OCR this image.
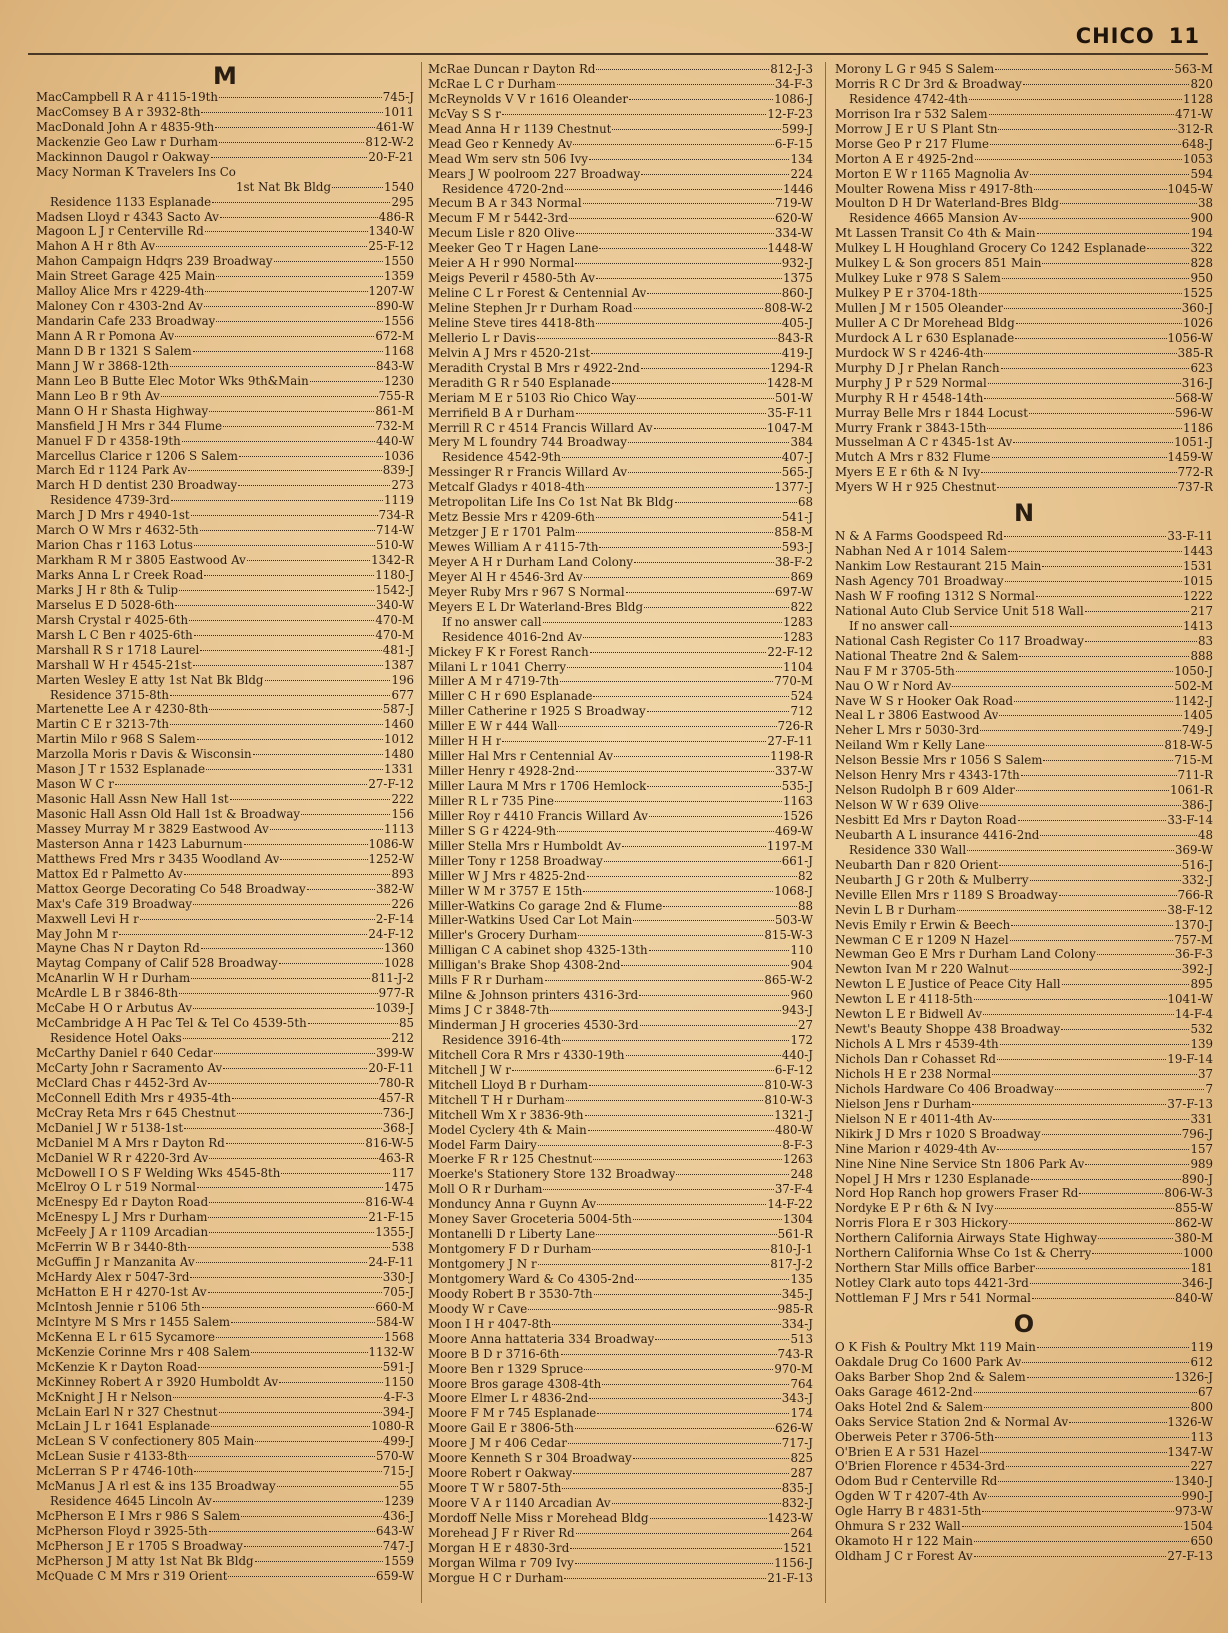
CHICO 11
M
MacCampbell R A r 4115-19th	745-J
MacComsey B A r 3932-8th	1011
MacDonald John A r 4835-9th	461-W
Mackenzie Geo Law r Durham	812-W-2
Mackinnon Daugol r Oakway	20-F-21
Macy Norman K Travelers Ins Co
1st Nat Bk Bldg	1540
Residence 1133 Esplanade	295
Madsen Lloyd r 4343 Sacto Av	486-R
Magoon L J r Centerville Rd	1340-W
Mahon A H r 8th Av	25-F-12
Mahon Campaign Hdqrs 239 Broadway	1550
Main Street Garage 425 Main	1359
Malloy Alice Mrs r 4229-4th	1207-W
Maloney Con r 4303-2nd Av	890-W
Mandarin Cafe 233 Broadway	1556
Mann A R r Pomona Av	672-M
Mann D B r 1321 S Salem	1168
Mann J W r 3868-12th	843-W
Mann Leo B Butte Elec Motor Wks 9th&Main	1230
Mann Leo B r 9th Av	755-R
Mann O H r Shasta Highway	861-M
Mansfield J H Mrs r 344 Flume	732-M
Manuel F D r 4358-19th	440-W
Marcellus Clarice r 1206 S Salem	1036
March Ed r 1124 Park Av	839-J
March H D dentist 230 Broadway	273
Residence 4739-3rd	1119
March J D Mrs r 4940-1st	734-R
March O W Mrs r 4632-5th	714-W
Marion Chas r 1163 Lotus	510-W
Markham R M r 3805 Eastwood Av	1342-R
Marks Anna L r Creek Road	1180-J
Marks J H r 8th & Tulip	1542-J
Marselus E D 5028-6th	340-W
Marsh Crystal r 4025-6th	470-M
Marsh L C Ben r 4025-6th	470-M
Marshall R S r 1718 Laurel	481-J
Marshall W H r 4545-21st	1387
Marten Wesley E atty 1st Nat Bk Bldg	196
Residence 3715-8th	677
Martenette Lee A r 4230-8th	587-J
Martin C E r 3213-7th	1460
Martin Milo r 968 S Salem	1012
Marzolla Moris r Davis & Wisconsin	1480
Mason J T r 1532 Esplanade	1331
Mason W C r	27-F-12
Masonic Hall Assn New Hall 1st	222
Masonic Hall Assn Old Hall 1st & Broadway	156
Massey Murray M r 3829 Eastwood Av	1113
Masterson Anna r 1423 Laburnum	1086-W
Matthews Fred Mrs r 3435 Woodland Av	1252-W
Mattox Ed r Palmetto Av	893
Mattox George Decorating Co 548 Broadway	382-W
Max's Cafe 319 Broadway	226
Maxwell Levi H r	2-F-14
May John M r	24-F-12
Mayne Chas N r Dayton Rd	1360
Maytag Company of Calif 528 Broadway	1028
McAnarlin W H r Durham	811-J-2
McArdle L B r 3846-8th	977-R
McCabe H O r Arbutus Av	1039-J
McCambridge A H Pac Tel & Tel Co 4539-5th	85
Residence Hotel Oaks	212
McCarthy Daniel r 640 Cedar	399-W
McCarty John r Sacramento Av	20-F-11
McClard Chas r 4452-3rd Av	780-R
McConnell Edith Mrs r 4935-4th	457-R
McCray Reta Mrs r 645 Chestnut	736-J
McDaniel J W r 5138-1st	368-J
McDaniel M A Mrs r Dayton Rd	816-W-5
McDaniel W R r 4220-3rd Av	463-R
McDowell I O S F Welding Wks 4545-8th	117
McElroy O L r 519 Normal	1475
McEnespy Ed r Dayton Road	816-W-4
McEnespy L J Mrs r Durham	21-F-15
McFeely J A r 1109 Arcadian	1355-J
McFerrin W B r 3440-8th	538
McGuffin J r Manzanita Av	24-F-11
McHardy Alex r 5047-3rd	330-J
McHatton E H r 4270-1st Av	705-J
McIntosh Jennie r 5106 5th	660-M
McIntyre M S Mrs r 1455 Salem	584-W
McKenna E L r 615 Sycamore	1568
McKenzie Corinne Mrs r 408 Salem	1132-W
McKenzie K r Dayton Road	591-J
McKinney Robert A r 3920 Humboldt Av	1150
McKnight J H r Nelson	4-F-3
McLain Earl N r 327 Chestnut	394-J
McLain J L r 1641 Esplanade	1080-R
McLean S V confectionery 805 Main	499-J
McLean Susie r 4133-8th	570-W
McLerran S P r 4746-10th	715-J
McManus J A rl est & ins 135 Broadway	55
Residence 4645 Lincoln Av	1239
McPherson E I Mrs r 986 S Salem	436-J
McPherson Floyd r 3925-5th	643-W
McPherson J E r 1705 S Broadway	747-J
McPherson J M atty 1st Nat Bk Bldg	1559
McQuade C M Mrs r 319 Orient	659-W
McRae Duncan r Dayton Rd	812-J-3
McRae L C r Durham	34-F-3
McReynolds V V r 1616 Oleander	1086-J
McVay S S r	12-F-23
Mead Anna H r 1139 Chestnut	599-J
Mead Geo r Kennedy Av	6-F-15
Mead Wm serv stn 506 Ivy	134
Mears J W poolroom 227 Broadway	224
Residence 4720-2nd	1446
Mecum B A r 343 Normal	719-W
Mecum F M r 5442-3rd	620-W
Mecum Lisle r 820 Olive	334-W
Meeker Geo T r Hagen Lane	1448-W
Meier A H r 990 Normal	932-J
Meigs Peveril r 4580-5th Av	1375
Meline C L r Forest & Centennial Av	860-J
Meline Stephen Jr r Durham Road	808-W-2
Meline Steve tires 4418-8th	405-J
Mellerio L r Davis	843-R
Melvin A J Mrs r 4520-21st	419-J
Meradith Crystal B Mrs r 4922-2nd	1294-R
Meradith G R r 540 Esplanade	1428-M
Meriam M E r 5103 Rio Chico Way	501-W
Merrifield B A r Durham	35-F-11
Merrill R C r 4514 Francis Willard Av	1047-M
Mery M L foundry 744 Broadway	384
Residence 4542-9th	407-J
Messinger R r Francis Willard Av	565-J
Metcalf Gladys r 4018-4th	1377-J
Metropolitan Life Ins Co 1st Nat Bk Bldg	68
Metz Bessie Mrs r 4209-6th	541-J
Metzger J E r 1701 Palm	858-M
Mewes William A r 4115-7th	593-J
Meyer A H r Durham Land Colony	38-F-2
Meyer Al H r 4546-3rd Av	869
Meyer Ruby Mrs r 967 S Normal	697-W
Meyers E L Dr Waterland-Bres Bldg	822
If no answer call	1283
Residence 4016-2nd Av	1283
Mickey F K r Forest Ranch	22-F-12
Milani L r 1041 Cherry	1104
Miller A M r 4719-7th	770-M
Miller C H r 690 Esplanade	524
Miller Catherine r 1925 S Broadway	712
Miller E W r 444 Wall	726-R
Miller H H r	27-F-11
Miller Hal Mrs r Centennial Av	1198-R
Miller Henry r 4928-2nd	337-W
Miller Laura M Mrs r 1706 Hemlock	535-J
Miller R L r 735 Pine	1163
Miller Roy r 4410 Francis Willard Av	1526
Miller S G r 4224-9th	469-W
Miller Stella Mrs r Humboldt Av	1197-M
Miller Tony r 1258 Broadway	661-J
Miller W J Mrs r 4825-2nd	82
Miller W M r 3757 E 15th	1068-J
Miller-Watkins Co garage 2nd & Flume	88
Miller-Watkins Used Car Lot Main	503-W
Miller's Grocery Durham	815-W-3
Milligan C A cabinet shop 4325-13th	110
Milligan's Brake Shop 4308-2nd	904
Mills F R r Durham	865-W-2
Milne & Johnson printers 4316-3rd	960
Mims J C r 3848-7th	943-J
Minderman J H groceries 4530-3rd	27
Residence 3916-4th	172
Mitchell Cora R Mrs r 4330-19th	440-J
Mitchell J W r	6-F-12
Mitchell Lloyd B r Durham	810-W-3
Mitchell T H r Durham	810-W-3
Mitchell Wm X r 3836-9th	1321-J
Model Cyclery 4th & Main	480-W
Model Farm Dairy	8-F-3
Moerke F R r 125 Chestnut	1263
Moerke's Stationery Store 132 Broadway	248
Moll O R r Durham	37-F-4
Mondunсу Anna r Guynn Av	14-F-22
Money Saver Groceteria 5004-5th	1304
Montanelli D r Liberty Lane	561-R
Montgomery F D r Durham	810-J-1
Montgomery J N r	817-J-2
Montgomery Ward & Co 4305-2nd	135
Moody Robert B r 3530-7th	345-J
Moody W r Cave	985-R
Moon I H r 4047-8th	334-J
Moore Anna hattateria 334 Broadway	513
Moore B D r 3716-6th	743-R
Moore Ben r 1329 Spruce	970-M
Moore Bros garage 4308-4th	764
Moore Elmer L r 4836-2nd	343-J
Moore F M r 745 Esplanade	174
Moore Gail E r 3806-5th	626-W
Moore J M r 406 Cedar	717-J
Moore Kenneth S r 304 Broadway	825
Moore Robert r Oakway	287
Moore T W r 5807-5th	835-J
Moore V A r 1140 Arcadian Av	832-J
Mordoff Nelle Miss r Morehead Bldg	1423-W
Morehead J F r River Rd	264
Morgan H E r 4830-3rd	1521
Morgan Wilma r 709 Ivy	1156-J
Morgue H C r Durham	21-F-13
Morony L G r 945 S Salem	563-M
Morris R C Dr 3rd & Broadway	820
Residence 4742-4th	1128
Morrison Ira r 532 Salem	471-W
Morrow J E r U S Plant Stn	312-R
Morse Geo P r 217 Flume	648-J
Morton A E r 4925-2nd	1053
Morton E W r 1165 Magnolia Av	594
Moulter Rowena Miss r 4917-8th	1045-W
Moulton D H Dr Waterland-Bres Bldg	38
Residence 4665 Mansion Av	900
Mt Lassen Transit Co 4th & Main	194
Mulkey L H Houghland Grocery Co 1242 Esplanade	322
Mulkey L & Son grocers 851 Main	828
Mulkey Luke r 978 S Salem	950
Mulkey P E r 3704-18th	1525
Mullen J M r 1505 Oleander	360-J
Muller A C Dr Morehead Bldg	1026
Murdock A L r 630 Esplanade	1056-W
Murdock W S r 4246-4th	385-R
Murphy D J r Phelan Ranch	623
Murphy J P r 529 Normal	316-J
Murphy R H r 4548-14th	568-W
Murray Belle Mrs r 1844 Locust	596-W
Murry Frank r 3843-15th	1186
Musselman A C r 4345-1st Av	1051-J
Mutch A Mrs r 832 Flume	1459-W
Myers E E r 6th & N Ivy	772-R
Myers W H r 925 Chestnut	737-R
N
N & A Farms Goodspeed Rd	33-F-11
Nabhan Ned A r 1014 Salem	1443
Nankim Low Restaurant 215 Main	1531
Nash Agency 701 Broadway	1015
Nash W F roofing 1312 S Normal	1222
National Auto Club Service Unit 518 Wall	217
If no answer call	1413
National Cash Register Co 117 Broadway	83
National Theatre 2nd & Salem	888
Nau F M r 3705-5th	1050-J
Nau O W r Nord Av	502-M
Nave W S r Hooker Oak Road	1142-J
Neal L r 3806 Eastwood Av	1405
Neher L Mrs r 5030-3rd	749-J
Neiland Wm r Kelly Lane	818-W-5
Nelson Bessie Mrs r 1056 S Salem	715-M
Nelson Henry Mrs r 4343-17th	711-R
Nelson Rudolph B r 609 Alder	1061-R
Nelson W W r 639 Olive	386-J
Nesbitt Ed Mrs r Dayton Road	33-F-14
Neubarth A L insurance 4416-2nd	48
Residence 330 Wall	369-W
Neubarth Dan r 820 Orient	516-J
Neubarth J G r 20th & Mulberry	332-J
Neville Ellen Mrs r 1189 S Broadway	766-R
Nevin L B r Durham	38-F-12
Nevis Emily r Erwin & Beech	1370-J
Newman C E r 1209 N Hazel	757-M
Newman Geo E Mrs r Durham Land Colony	36-F-3
Newton Ivan M r 220 Walnut	392-J
Newton L E Justice of Peace City Hall	895
Newton L E r 4118-5th	1041-W
Newton L E r Bidwell Av	14-F-4
Newt's Beauty Shoppe 438 Broadway	532
Nichols A L Mrs r 4539-4th	139
Nichols Dan r Cohasset Rd	19-F-14
Nichols H E r 238 Normal	37
Nichols Hardware Co 406 Broadway	7
Nielson Jens r Durham	37-F-13
Nielson N E r 4011-4th Av	331
Nikirk J D Mrs r 1020 S Broadway	796-J
Nine Marion r 4029-4th Av	157
Nine Nine Nine Service Stn 1806 Park Av	989
Nopel J H Mrs r 1230 Esplanade	890-J
Nord Hop Ranch hop growers Fraser Rd	806-W-3
Nordyke E P r 6th & N Ivy	855-W
Norris Flora E r 303 Hickory	862-W
Northern California Airways State Highway	380-M
Northern California Whse Co 1st & Cherry	1000
Northern Star Mills office Barber	181
Notley Clark auto tops 4421-3rd	346-J
Nottleman F J Mrs r 541 Normal	840-W
O
O K Fish & Poultry Mkt 119 Main	119
Oakdale Drug Co 1600 Park Av	612
Oaks Barber Shop 2nd & Salem	1326-J
Oaks Garage 4612-2nd	67
Oaks Hotel 2nd & Salem	800
Oaks Service Station 2nd & Normal Av	1326-W
Oberweis Peter r 3706-5th	113
O'Brien E A r 531 Hazel	1347-W
O'Brien Florence r 4534-3rd	227
Odom Bud r Centerville Rd	1340-J
Ogden W T r 4207-4th Av	990-J
Ogle Harry B r 4831-5th	973-W
Ohmura S r 232 Wall	1504
Okamoto H r 122 Main	650
Oldham J C r Forest Av	27-F-13
